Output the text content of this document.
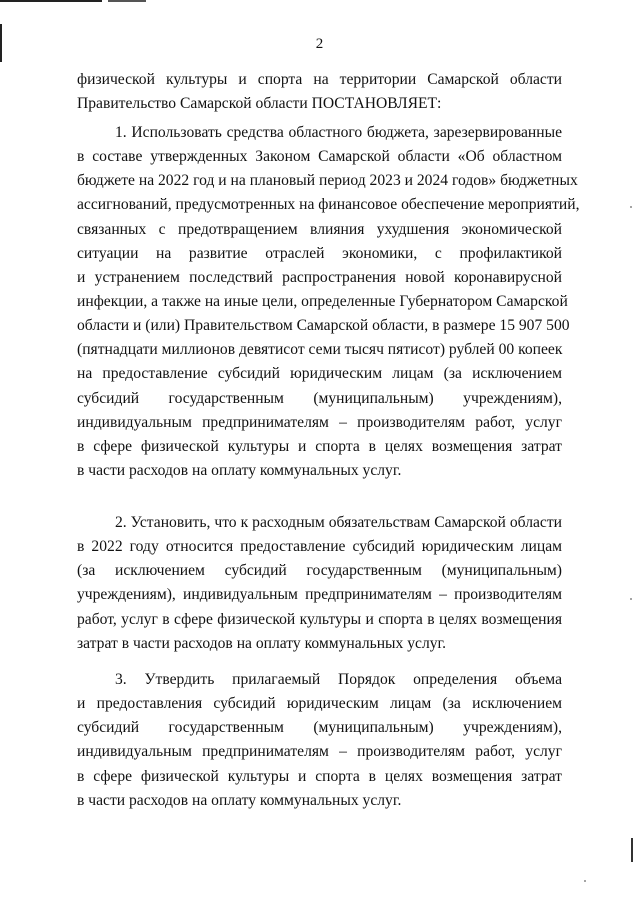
2
физической культуры и спорта на территории Самарской области
Правительство Самарской области ПОСТАНОВЛЯЕТ:
1. Использовать средства областного бюджета, зарезервированные
в составе утвержденных Законом Самарской области «Об областном
бюджете на 2022 год и на плановый период 2023 и 2024 годов» бюджетных
ассигнований, предусмотренных на финансовое обеспечение мероприятий,
связанных с предотвращением влияния ухудшения экономической
ситуации на развитие отраслей экономики, с профилактикой
и устранением последствий распространения новой коронавирусной
инфекции, а также на иные цели, определенные Губернатором Самарской
области и (или) Правительством Самарской области, в размере 15 907 500
(пятнадцати миллионов девятисот семи тысяч пятисот) рублей 00 копеек
на предоставление субсидий юридическим лицам (за исключением
субсидий государственным (муниципальным) учреждениям),
индивидуальным предпринимателям – производителям работ, услуг
в сфере физической культуры и спорта в целях возмещения затрат
в части расходов на оплату коммунальных услуг.
2. Установить, что к расходным обязательствам Самарской области
в 2022 году относится предоставление субсидий юридическим лицам
(за исключением субсидий государственным (муниципальным)
учреждениям), индивидуальным предпринимателям – производителям
работ, услуг в сфере физической культуры и спорта в целях возмещения
затрат в части расходов на оплату коммунальных услуг.
3. Утвердить прилагаемый Порядок определения объема
и предоставления субсидий юридическим лицам (за исключением
субсидий государственным (муниципальным) учреждениям),
индивидуальным предпринимателям – производителям работ, услуг
в сфере физической культуры и спорта в целях возмещения затрат
в части расходов на оплату коммунальных услуг.
